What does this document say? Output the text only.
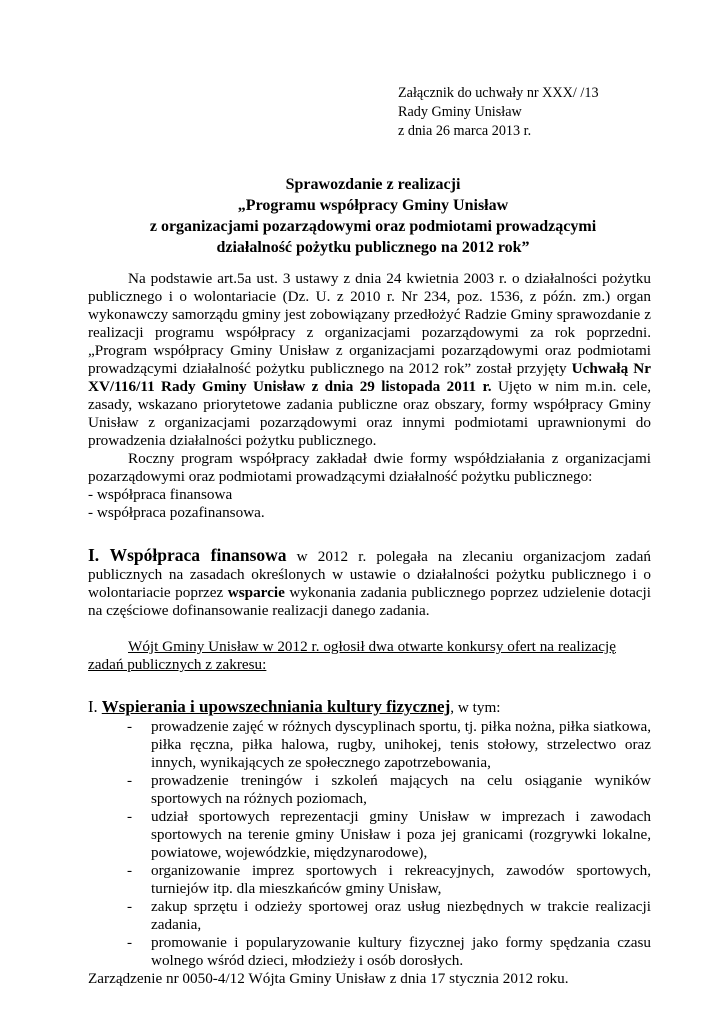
Załącznik do uchwały nr XXX/ /13
Rady Gminy Unisław
z dnia 26 marca 2013 r.
Sprawozdanie z realizacji
„Programu współpracy Gminy Unisław
z organizacjami pozarządowymi oraz podmiotami prowadzącymi
działalność pożytku publicznego na 2012 rok”

Na podstawie art.5a ust. 3 ustawy z dnia 24 kwietnia 2003 r. o działalności pożytku publicznego i o wolontariacie (Dz. U. z 2010 r. Nr 234, poz. 1536, z późn. zm.) organ wykonawczy samorządu gminy jest zobowiązany przedłożyć Radzie Gminy sprawozdanie z realizacji programu współpracy z organizacjami pozarządowymi za rok poprzedni. „Program współpracy Gminy Unisław z organizacjami pozarządowymi oraz podmiotami prowadzącymi działalność pożytku publicznego na 2012 rok” został przyjęty Uchwałą Nr XV/116/11 Rady Gminy Unisław z dnia 29 listopada 2011 r. Ujęto w nim m.in. cele, zasady, wskazano priorytetowe zadania publiczne oraz obszary, formy współpracy Gminy Unisław z organizacjami pozarządowymi oraz innymi podmiotami uprawnionymi do prowadzenia działalności pożytku publicznego.

Roczny program współpracy zakładał dwie formy współdziałania z organizacjami pozarządowymi oraz podmiotami prowadzącymi działalność pożytku publicznego:

- współpraca finansowa

- współpraca pozafinansowa.

I. Współpraca finansowa w 2012 r. polegała na zlecaniu organizacjom zadań publicznych na zasadach określonych w ustawie o działalności pożytku publicznego i o wolontariacie poprzez wsparcie wykonania zadania publicznego poprzez udzielenie dotacji na częściowe dofinansowanie realizacji danego zadania.

Wójt Gminy Unisław w 2012 r. ogłosił dwa otwarte konkursy ofert na realizację zadań publicznych z zakresu:

I. Wspierania i upowszechniania kultury fizycznej, w tym:

- prowadzenie zajęć w różnych dyscyplinach sportu, tj. piłka nożna, piłka siatkowa, piłka ręczna, piłka halowa, rugby, unihokej, tenis stołowy, strzelectwo oraz innych, wynikających ze społecznego zapotrzebowania,
- prowadzenie treningów i szkoleń mających na celu osiąganie wyników sportowych na różnych poziomach,
- udział sportowych reprezentacji gminy Unisław w imprezach i zawodach sportowych na terenie gminy Unisław i poza jej granicami (rozgrywki lokalne, powiatowe, wojewódzkie, międzynarodowe),
- organizowanie imprez sportowych i rekreacyjnych, zawodów sportowych, turniejów itp. dla mieszkańców gminy Unisław,
- zakup sprzętu i odzieży sportowej oraz usług niezbędnych w trakcie realizacji zadania,
- promowanie i popularyzowanie kultury fizycznej jako formy spędzania czasu wolnego wśród dzieci, młodzieży i osób dorosłych.

Zarządzenie nr 0050-4/12 Wójta Gminy Unisław z dnia 17 stycznia 2012 roku.
